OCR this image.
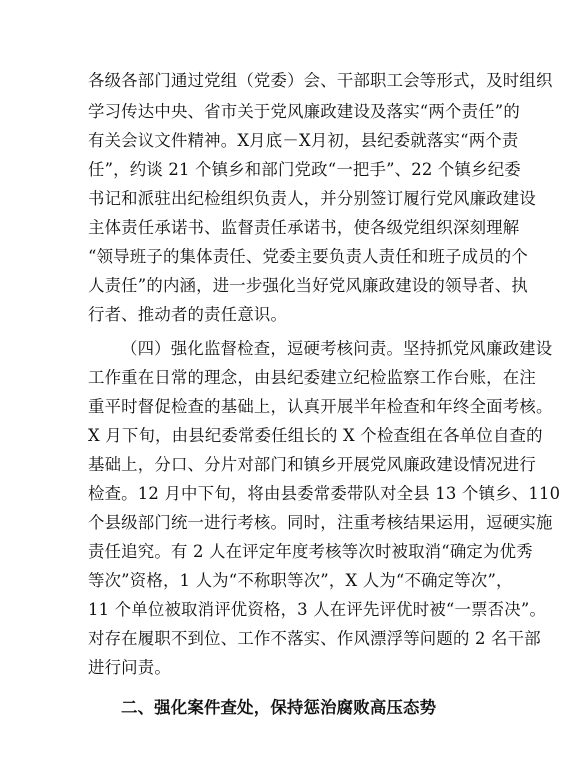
各级各部门通过党组（党委）会、干部职工会等形式，及时组织
学习传达中央、省市关于党风廉政建设及落实“两个责任”的
有关会议文件精神。X月底－X月初，县纪委就落实“两个责
任”，约谈 21 个镇乡和部门党政“一把手”、22 个镇乡纪委
书记和派驻出纪检组织负责人，并分别签订履行党风廉政建设
主体责任承诺书、监督责任承诺书，使各级党组织深刻理解
“领导班子的集体责任、党委主要负责人责任和班子成员的个
人责任”的内涵，进一步强化当好党风廉政建设的领导者、执
行者、推动者的责任意识。
（四）强化监督检查，逗硬考核问责。坚持抓党风廉政建设
工作重在日常的理念，由县纪委建立纪检监察工作台账，在注
重平时督促检查的基础上，认真开展半年检查和年终全面考核。
X 月下旬，由县纪委常委任组长的 X 个检查组在各单位自查的
基础上，分口、分片对部门和镇乡开展党风廉政建设情况进行
检查。12 月中下旬，将由县委常委带队对全县 13 个镇乡、110
个县级部门统一进行考核。同时，注重考核结果运用，逗硬实施
责任追究。有 2 人在评定年度考核等次时被取消“确定为优秀
等次”资格，1 人为“不称职等次”，X 人为“不确定等次”，
11 个单位被取消评优资格，3 人在评先评优时被“一票否决”。
对存在履职不到位、工作不落实、作风漂浮等问题的 2 名干部
进行问责。
二、强化案件查处，保持惩治腐败高压态势
